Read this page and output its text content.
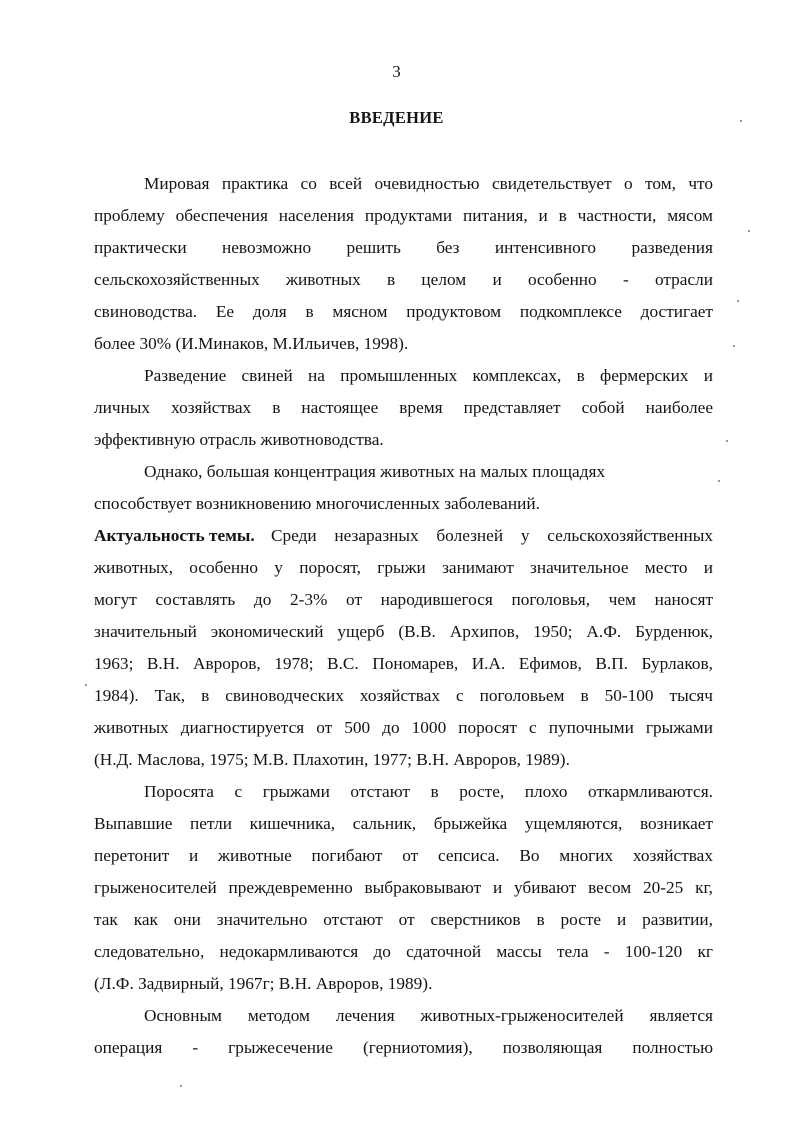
3
ВВЕДЕНИЕ
Мировая практика со всей очевидностью свидетельствует о том, что
проблему обеспечения населения продуктами питания, и в частности, мясом
практически невозможно решить без интенсивного разведения
сельскохозяйственных животных в целом и особенно - отрасли
свиноводства. Ее доля в мясном продуктовом подкомплексе достигает
более 30% (И.Минаков, М.Ильичев, 1998).
Разведение свиней на промышленных комплексах, в фермерских и
личных хозяйствах в настоящее время представляет собой наиболее
эффективную отрасль животноводства.
Однако, большая концентрация животных на малых площадях
способствует возникновению многочисленных заболеваний.
Актуальность темы. Среди незаразных болезней у сельскохозяйственных
животных, особенно у поросят, грыжи занимают значительное место и
могут составлять до 2-3% от народившегося поголовья, чем наносят
значительный экономический ущерб (В.В. Архипов, 1950; А.Ф. Бурденюк,
1963; В.Н. Авроров, 1978; В.С. Пономарев, И.А. Ефимов, В.П. Бурлаков,
1984). Так, в свиноводческих хозяйствах с поголовьем в 50-100 тысяч
животных диагностируется от 500 до 1000 поросят с пупочными грыжами
(Н.Д. Маслова, 1975; М.В. Плахотин, 1977; В.Н. Авроров, 1989).
Поросята с грыжами отстают в росте, плохо откармливаются.
Выпавшие петли кишечника, сальник, брыжейка ущемляются, возникает
перетонит и животные погибают от сепсиса. Во многих хозяйствах
грыженосителей преждевременно выбраковывают и убивают весом 20-25 кг,
так как они значительно отстают от сверстников в росте и развитии,
следовательно, недокармливаются до сдаточной массы тела - 100-120 кг
(Л.Ф. Задвирный, 1967г; В.Н. Авроров, 1989).
Основным методом лечения животных-грыженосителей является
операция - грыжесечение (герниотомия), позволяющая полностью
